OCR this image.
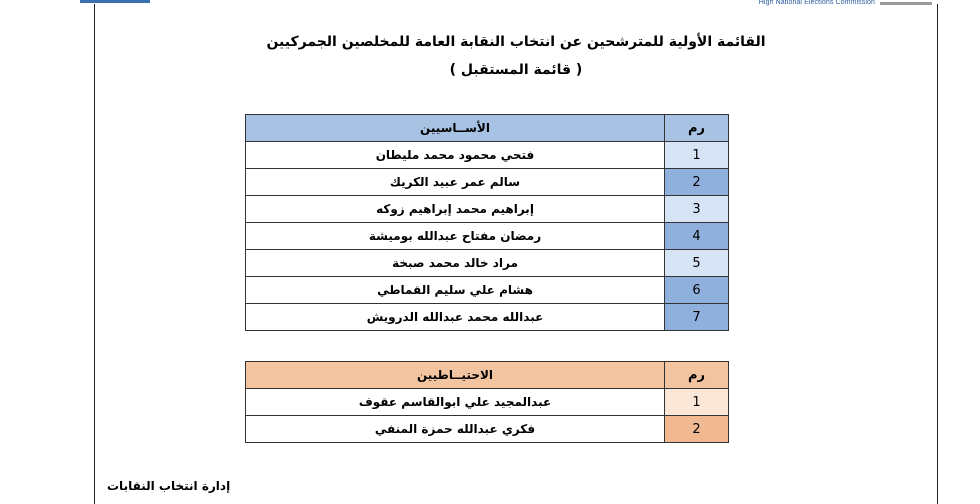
High National Elections Commission
القائمة الأولية للمترشحين عن انتخاب النقابة العامة للمخلصين الجمركيين
( قائمة المستقبل )
رم	الأســاسيين
1	فتحي محمود محمد مليطان
2	سالم عمر عبيد الكريك
3	إبراهيم محمد إبراهيم زوكه
4	رمضان مفتاح عبدالله بوميشة
5	مراد خالد محمد صبخة
6	هشام علي سليم القماطي
7	عبدالله محمد عبدالله الدرويش
رم	الاحتيــاطيين
1	عبدالمجيد علي ابوالقاسم عقوف
2	فكري عبدالله حمزة المنفي
إدارة انتخاب النقابات
